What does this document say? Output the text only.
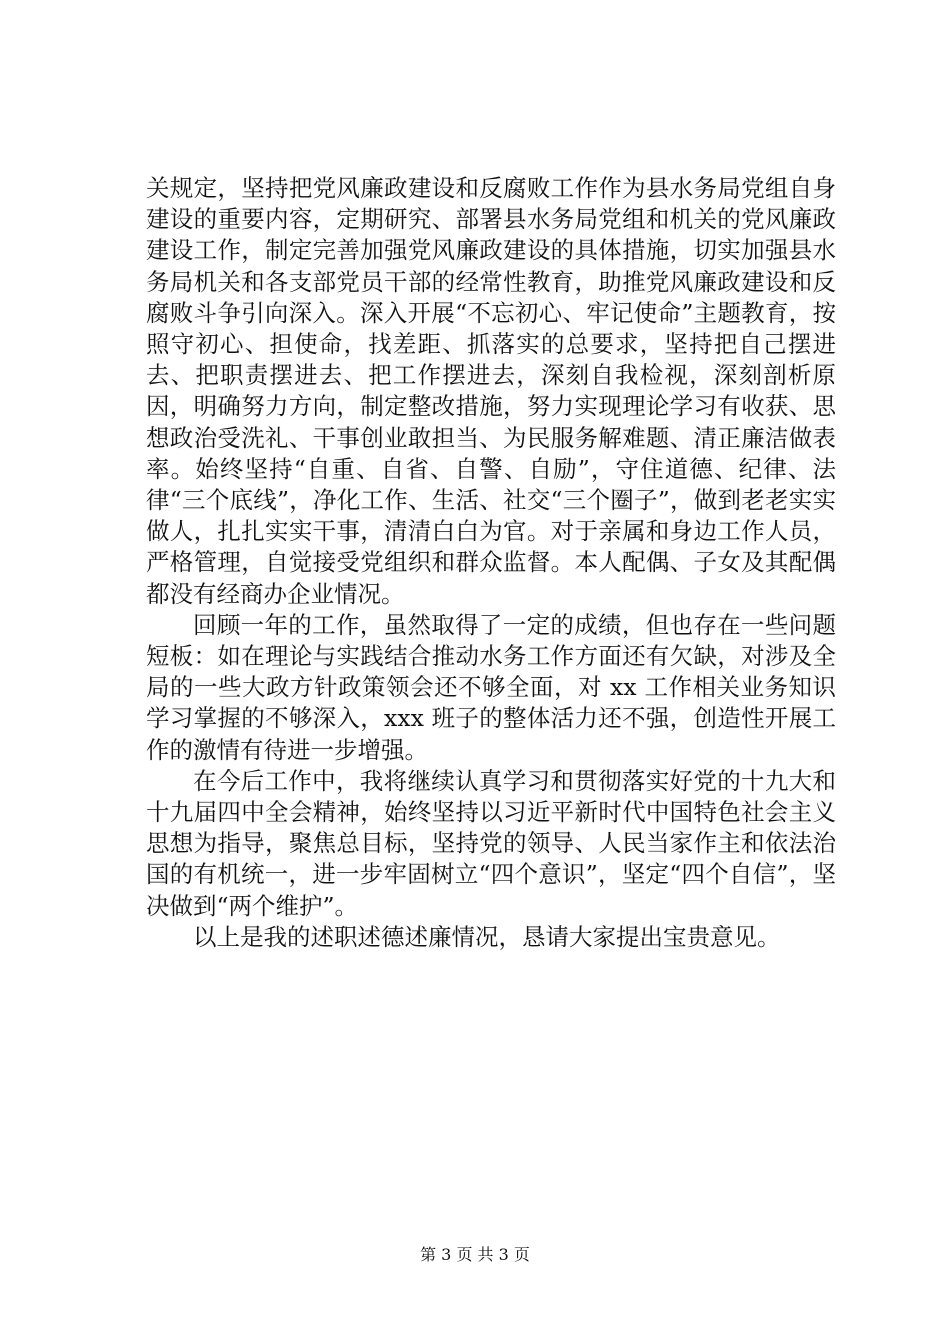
关规定，坚持把党风廉政建设和反腐败工作作为县水务局党组自身建设的重要内容，定期研究、部署县水务局党组和机关的党风廉政建设工作，制定完善加强党风廉政建设的具体措施，切实加强县水务局机关和各支部党员干部的经常性教育，助推党风廉政建设和反腐败斗争引向深入。深入开展“不忘初心、牢记使命”主题教育，按照守初心、担使命，找差距、抓落实的总要求，坚持把自己摆进去、把职责摆进去、把工作摆进去，深刻自我检视，深刻剖析原因，明确努力方向，制定整改措施，努力实现理论学习有收获、思想政治受洗礼、干事创业敢担当、为民服务解难题、清正廉洁做表率。始终坚持“自重、自省、自警、自励”，守住道德、纪律、法律“三个底线”，净化工作、生活、社交“三个圈子”，做到老老实实做人，扎扎实实干事，清清白白为官。对于亲属和身边工作人员，严格管理，自觉接受党组织和群众监督。本人配偶、子女及其配偶都没有经商办企业情况。

回顾一年的工作，虽然取得了一定的成绩，但也存在一些问题短板：如在理论与实践结合推动水务工作方面还有欠缺，对涉及全局的一些大政方针政策领会还不够全面，对 xx 工作相关业务知识学习掌握的不够深入，xxx 班子的整体活力还不强，创造性开展工作的激情有待进一步增强。

在今后工作中，我将继续认真学习和贯彻落实好党的十九大和十九届四中全会精神，始终坚持以习近平新时代中国特色社会主义思想为指导，聚焦总目标，坚持党的领导、人民当家作主和依法治国的有机统一，进一步牢固树立“四个意识”，坚定“四个自信”，坚决做到“两个维护”。

以上是我的述职述德述廉情况，恳请大家提出宝贵意见。

第 3 页 共 3 页
